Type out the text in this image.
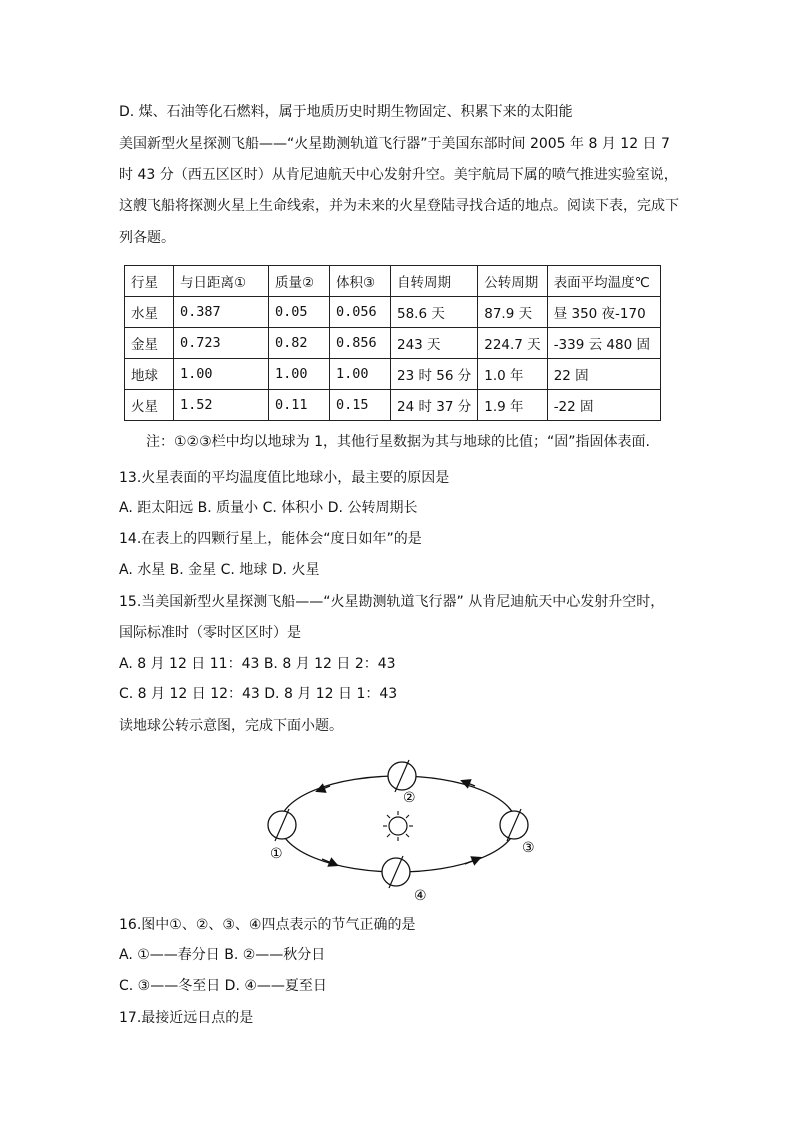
D. 煤、石油等化石燃料，属于地质历史时期生物固定、积累下来的太阳能
美国新型火星探测飞船——“火星勘测轨道飞行器”于美国东部时间 2005 年 8 月 12 日 7
时 43 分（西五区区时）从肯尼迪航天中心发射升空。美宇航局下属的喷气推进实验室说，
这艘飞船将探测火星上生命线索，并为未来的火星登陆寻找合适的地点。阅读下表，完成下
列各题。
行星	与日距离①	质量②	体积③	自转周期	公转周期	表面平均温度℃
水星	0.387	0.05	0.056	58.6 天	87.9 天	昼 350 夜-170
金星	0.723	0.82	0.856	243 天	224.7 天	-339 云 480 固
地球	1.00	1.00	1.00	23 时 56 分	1.0 年	22 固
火星	1.52	0.11	0.15	24 时 37 分	1.9 年	-22 固
注：①②③栏中均以地球为 1，其他行星数据为其与地球的比值；“固”指固体表面.
13.火星表面的平均温度值比地球小，最主要的原因是
A. 距太阳远 B. 质量小 C. 体积小 D. 公转周期长
14.在表上的四颗行星上，能体会“度日如年”的是
A. 水星 B. 金星 C. 地球 D. 火星
15.当美国新型火星探测飞船——“火星勘测轨道飞行器” 从肯尼迪航天中心发射升空时，
国际标准时（零时区区时）是
A. 8 月 12 日 11：43 B. 8 月 12 日 2：43
C. 8 月 12 日 12：43 D. 8 月 12 日 1：43
读地球公转示意图，完成下面小题。
①
②
③
④
16.图中①、②、③、④四点表示的节气正确的是
A. ①——春分日 B. ②——秋分日
C. ③——冬至日 D. ④——夏至日
17.最接近远日点的是
